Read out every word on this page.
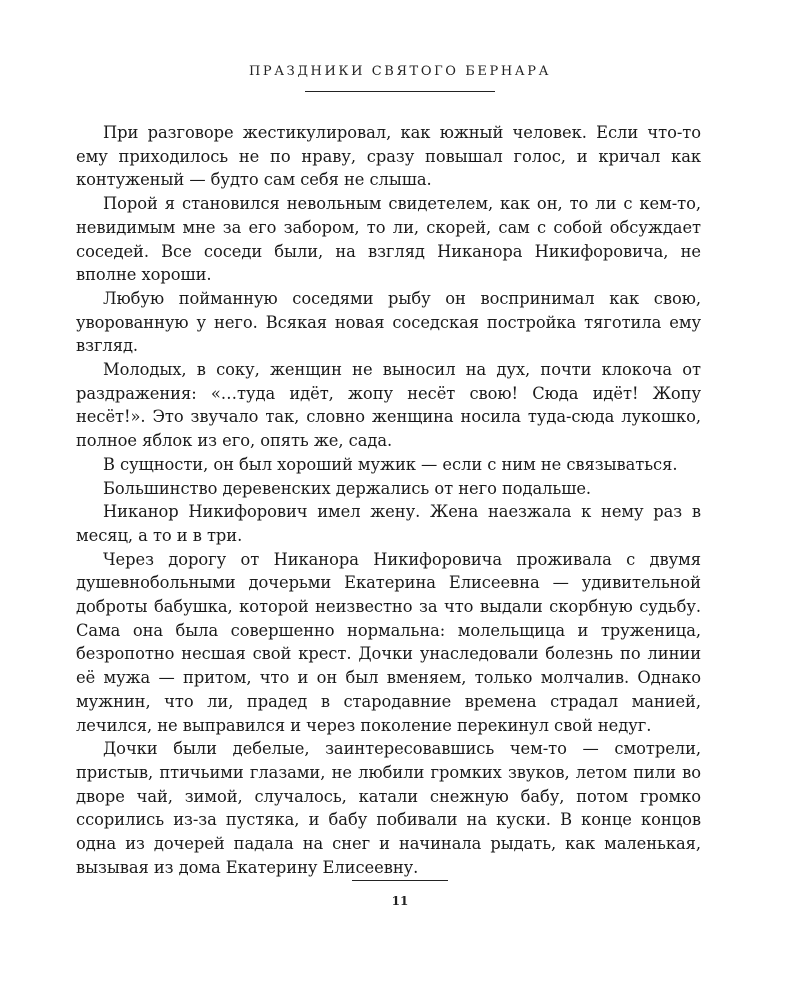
ПРАЗДНИКИ СВЯТОГО БЕРНАРА

При разговоре жестикулировал, как южный человек. Если что-то ему приходилось не по нраву, сразу повышал голос, и кричал как контуженый — будто сам себя не слыша.

Порой я становился невольным свидетелем, как он, то ли с кем-то, невидимым мне за его забором, то ли, скорей, сам с собой обсуждает соседей. Все соседи были, на взгляд Никанора Никифоровича, не вполне хороши.

Любую пойманную соседями рыбу он воспринимал как свою, уворованную у него. Всякая новая соседская постройка тяготила ему взгляд.

Молодых, в соку, женщин не выносил на дух, почти клокоча от раздражения: «…туда идёт, жопу несёт свою! Сюда идёт! Жопу несёт!». Это звучало так, словно женщина носила туда-сюда лукошко, полное яблок из его, опять же, сада.

В сущности, он был хороший мужик — если с ним не связываться.

Большинство деревенских держались от него подальше.

Никанор Никифорович имел жену. Жена наезжала к нему раз в месяц, а то и в три.

Через дорогу от Никанора Никифоровича проживала с двумя душевнобольными дочерьми Екатерина Елисеевна — удивительной доброты бабушка, которой неизвестно за что выдали скорбную судьбу. Сама она была совершенно нормальна: молельщица и труженица, безропотно несшая свой крест. Дочки унаследовали болезнь по линии её мужа — притом, что и он был вменяем, только молчалив. Однако мужнин, что ли, прадед в стародавние времена страдал манией, лечился, не выправился и через поколение перекинул свой недуг.

Дочки были дебелые, заинтересовавшись чем-то — смотрели, пристыв, птичьими глазами, не любили громких звуков, летом пили во дворе чай, зимой, случалось, катали снежную бабу, потом громко ссорились из-за пустяка, и бабу побивали на куски. В конце концов одна из дочерей падала на снег и начинала рыдать, как маленькая, вызывая из дома Екатерину Елисеевну.

11
